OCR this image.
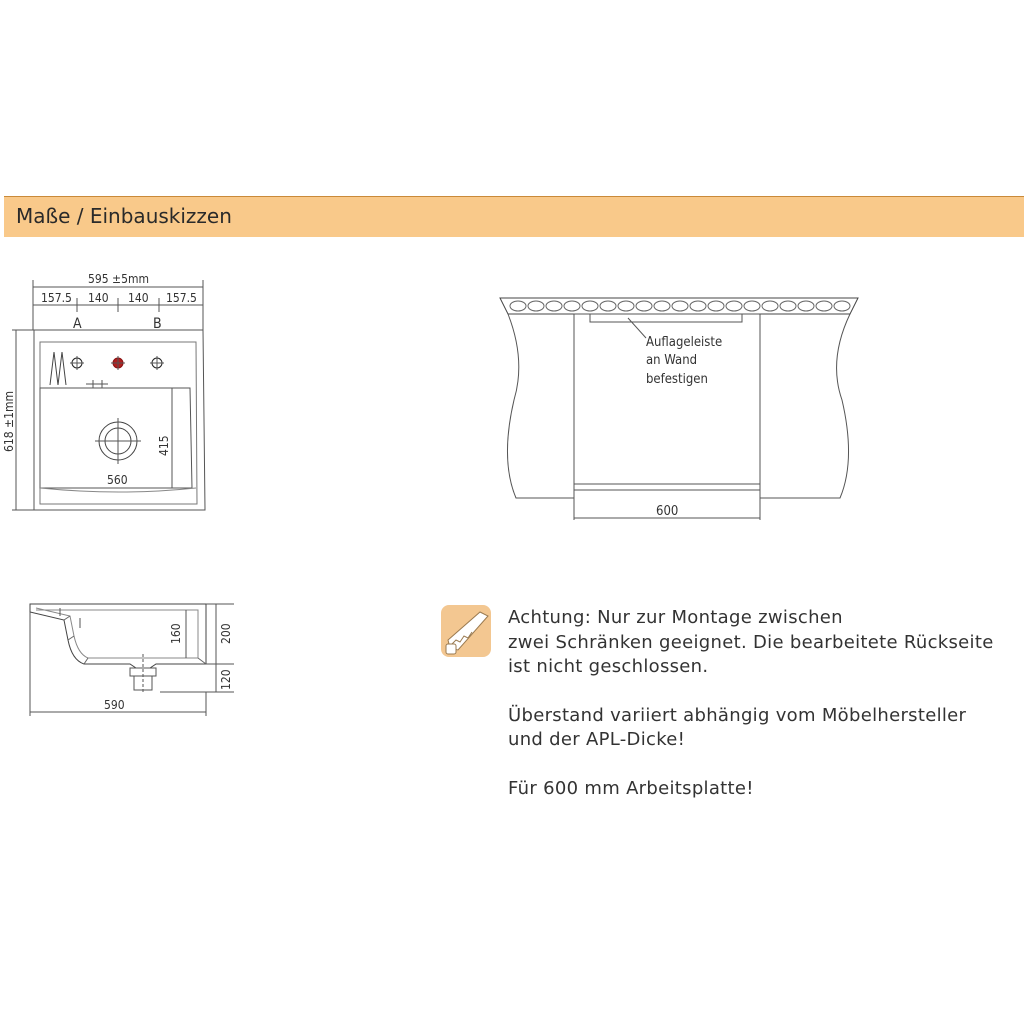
Maße / Einbauskizzen
595 ±5mm
157.5 140 140 157.5
A	B
618 ±1mm	415
560
Auflageleiste
an Wand
befestigen
600
160	200
120
590

Achtung: Nur zur Montage zwischen
zwei Schränken geeignet. Die bearbeitete Rückseite
ist nicht geschlossen.

Überstand variiert abhängig vom Möbelhersteller
und der APL-Dicke!

Für 600 mm Arbeitsplatte!
